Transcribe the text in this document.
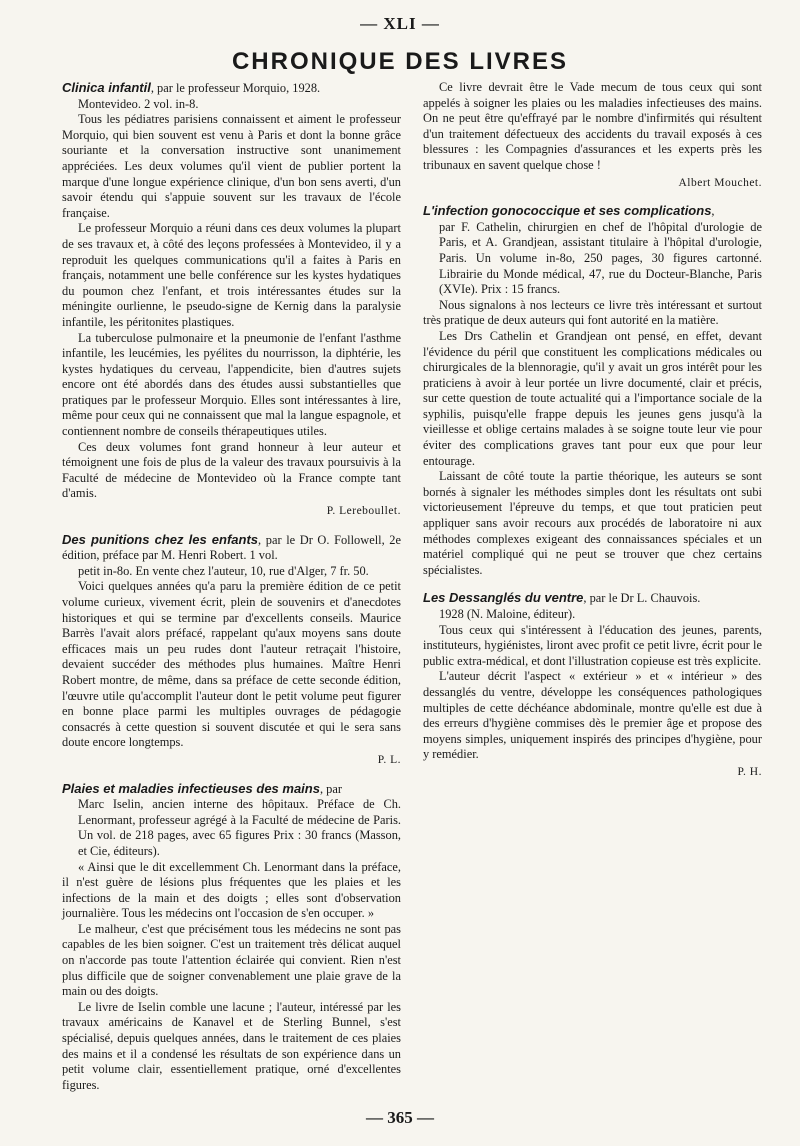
— XLI —
CHRONIQUE DES LIVRES

Clinica infantil, par le professeur Morquio, 1928.

Montevideo. 2 vol. in-8.

Tous les pédiatres parisiens connaissent et aiment le professeur Morquio, qui bien souvent est venu à Paris et dont la bonne grâce souriante et la conversation instructive sont unanimement appréciées. Les deux volumes qu'il vient de publier portent la marque d'une longue expérience clinique, d'un bon sens averti, d'un savoir étendu qui s'appuie souvent sur les travaux de l'école française.

Le professeur Morquio a réuni dans ces deux volumes la plupart de ses travaux et, à côté des leçons professées à Montevideo, il y a reproduit les quelques communications qu'il a faites à Paris en français, notamment une belle conférence sur les kystes hydatiques du poumon chez l'enfant, et trois intéressantes études sur la méningite ourlienne, le pseudo-signe de Kernig dans la paralysie infantile, les péritonites plastiques.

La tuberculose pulmonaire et la pneumonie de l'enfant l'asthme infantile, les leucémies, les pyélites du nourrisson, la diphtérie, les kystes hydatiques du cerveau, l'appendicite, bien d'autres sujets encore ont été abordés dans des études aussi substantielles que pratiques par le professeur Morquio. Elles sont intéressantes à lire, même pour ceux qui ne connaissent que mal la langue espagnole, et contiennent nombre de conseils thérapeutiques utiles.

Ces deux volumes font grand honneur à leur auteur et témoignent une fois de plus de la valeur des travaux poursuivis à la Faculté de médecine de Montevideo où la France compte tant d'amis.

P. Lereboullet.

Des punitions chez les enfants, par le Dr O. Followell, 2e édition, préface par M. Henri Robert. 1 vol.

petit in-8o. En vente chez l'auteur, 10, rue d'Alger, 7 fr. 50.

Voici quelques années qu'a paru la première édition de ce petit volume curieux, vivement écrit, plein de souvenirs et d'anecdotes historiques et qui se termine par d'excellents conseils. Maurice Barrès l'avait alors préfacé, rappelant qu'aux moyens sans doute efficaces mais un peu rudes dont l'auteur retraçait l'histoire, devaient succéder des méthodes plus humaines. Maître Henri Robert montre, de même, dans sa préface de cette seconde édition, l'œuvre utile qu'accomplit l'auteur dont le petit volume peut figurer en bonne place parmi les multiples ouvrages de pédagogie consacrés à cette question si souvent discutée et qui le sera sans doute encore longtemps.

P. L.

Plaies et maladies infectieuses des mains, par

Marc Iselin, ancien interne des hôpitaux. Préface de Ch. Lenormant, professeur agrégé à la Faculté de médecine de Paris. Un vol. de 218 pages, avec 65 figures Prix : 30 francs (Masson, et Cie, éditeurs).

« Ainsi que le dit excellemment Ch. Lenormant dans la préface, il n'est guère de lésions plus fréquentes que les plaies et les infections de la main et des doigts ; elles sont d'observation journalière. Tous les médecins ont l'occasion de s'en occuper. »

Le malheur, c'est que précisément tous les médecins ne sont pas capables de les bien soigner. C'est un traitement très délicat auquel on n'accorde pas toute l'attention éclairée qui convient. Rien n'est plus difficile que de soigner convenablement une plaie grave de la main ou des doigts.

Le livre de Iselin comble une lacune ; l'auteur, intéressé par les travaux américains de Kanavel et de Sterling Bunnel, s'est spécialisé, depuis quelques années, dans le traitement de ces plaies des mains et il a condensé les résultats de son expérience dans un petit volume clair, essentiellement pratique, orné d'excellentes figures.

Ce livre devrait être le Vade mecum de tous ceux qui sont appelés à soigner les plaies ou les maladies infectieuses des mains. On ne peut être qu'effrayé par le nombre d'infirmités qui résultent d'un traitement défectueux des accidents du travail exposés à ces blessures : les Compagnies d'assurances et les experts près les tribunaux en savent quelque chose !

Albert Mouchet.

L'infection gonococcique et ses complications,

par F. Cathelin, chirurgien en chef de l'hôpital d'urologie de Paris, et A. Grandjean, assistant titulaire à l'hôpital d'urologie, Paris. Un volume in-8o, 250 pages, 30 figures cartonné. Librairie du Monde médical, 47, rue du Docteur-Blanche, Paris (XVIe). Prix : 15 francs.

Nous signalons à nos lecteurs ce livre très intéressant et surtout très pratique de deux auteurs qui font autorité en la matière.

Les Drs Cathelin et Grandjean ont pensé, en effet, devant l'évidence du péril que constituent les complications médicales ou chirurgicales de la blennoragie, qu'il y avait un gros intérêt pour les praticiens à avoir à leur portée un livre documenté, clair et précis, sur cette question de toute actualité qui a l'importance sociale de la syphilis, puisqu'elle frappe depuis les jeunes gens jusqu'à la vieillesse et oblige certains malades à se soigne toute leur vie pour éviter des complications graves tant pour eux que pour leur entourage.

Laissant de côté toute la partie théorique, les auteurs se sont bornés à signaler les méthodes simples dont les résultats ont subi victorieusement l'épreuve du temps, et que tout praticien peut appliquer sans avoir recours aux procédés de laboratoire ni aux méthodes complexes exigeant des connaissances spéciales et un matériel compliqué qui ne peut se trouver que chez certains spécialistes.

Les Dessanglés du ventre, par le Dr L. Chauvois.

1928 (N. Maloine, éditeur).

Tous ceux qui s'intéressent à l'éducation des jeunes, parents, instituteurs, hygiénistes, liront avec profit ce petit livre, écrit pour le public extra-médical, et dont l'illustration copieuse est très explicite.

L'auteur décrit l'aspect « extérieur » et « intérieur » des dessanglés du ventre, développe les conséquences pathologiques multiples de cette déchéance abdominale, montre qu'elle est due à des erreurs d'hygiène commises dès le premier âge et propose des moyens simples, uniquement inspirés des principes d'hygiène, pour y remédier.

P. H.

— 365 —
